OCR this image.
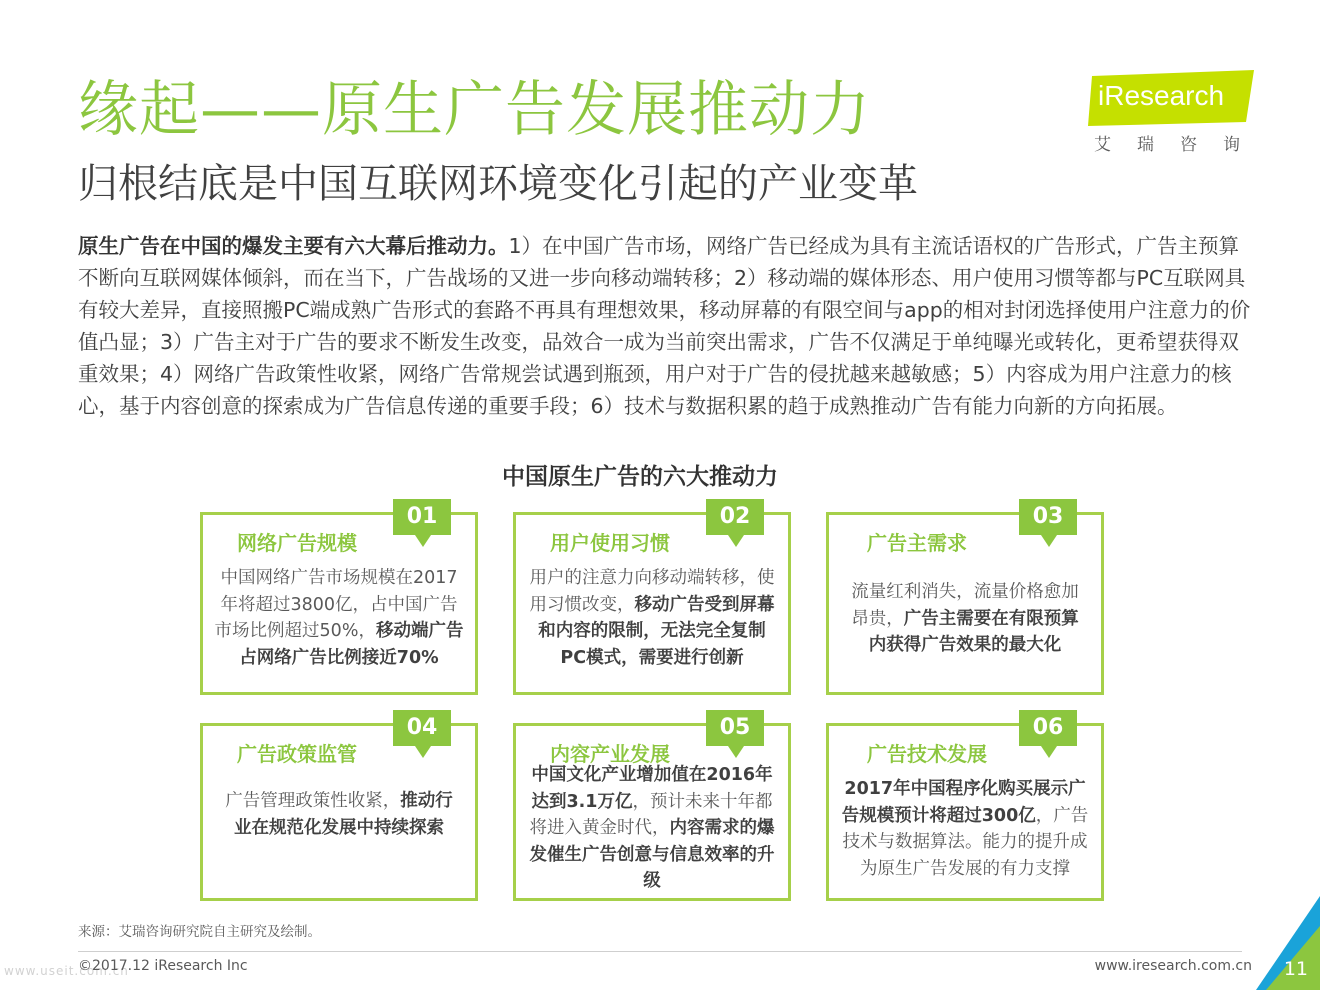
缘起——原生广告发展推动力
归根结底是中国互联网环境变化引起的产业变革
iResearch
艾瑞咨询
原生广告在中国的爆发主要有六大幕后推动力。1）在中国广告市场，网络广告已经成为具有主流话语权的广告形式，广告主预算不断向互联网媒体倾斜，而在当下，广告战场的又进一步向移动端转移；2）移动端的媒体形态、用户使用习惯等都与PC互联网具有较大差异，直接照搬PC端成熟广告形式的套路不再具有理想效果，移动屏幕的有限空间与app的相对封闭选择使用户注意力的价值凸显；3）广告主对于广告的要求不断发生改变，品效合一成为当前突出需求，广告不仅满足于单纯曝光或转化，更希望获得双重效果；4）网络广告政策性收紧，网络广告常规尝试遇到瓶颈，用户对于广告的侵扰越来越敏感；5）内容成为用户注意力的核心，基于内容创意的探索成为广告信息传递的重要手段；6）技术与数据积累的趋于成熟推动广告有能力向新的方向拓展。
中国原生广告的六大推动力
01
网络广告规模
中国网络广告市场规模在2017年将超过3800亿，占中国广告市场比例超过50%，移动端广告占网络广告比例接近70%
02
用户使用习惯
用户的注意力向移动端转移，使用习惯改变，移动广告受到屏幕和内容的限制，无法完全复制PC模式，需要进行创新
03
广告主需求
流量红利消失，流量价格愈加昂贵，广告主需要在有限预算内获得广告效果的最大化
04
广告政策监管
广告管理政策性收紧，推动行业在规范化发展中持续探索
05
内容产业发展
中国文化产业增加值在2016年达到3.1万亿，预计未来十年都将进入黄金时代，内容需求的爆发催生广告创意与信息效率的升级
06
广告技术发展
2017年中国程序化购买展示广告规模预计将超过300亿，广告技术与数据算法。能力的提升成为原生广告发展的有力支撑
来源：艾瑞咨询研究院自主研究及绘制。
www.useit.com.cn
©2017.12 iResearch Inc	www.iresearch.com.cn 11
